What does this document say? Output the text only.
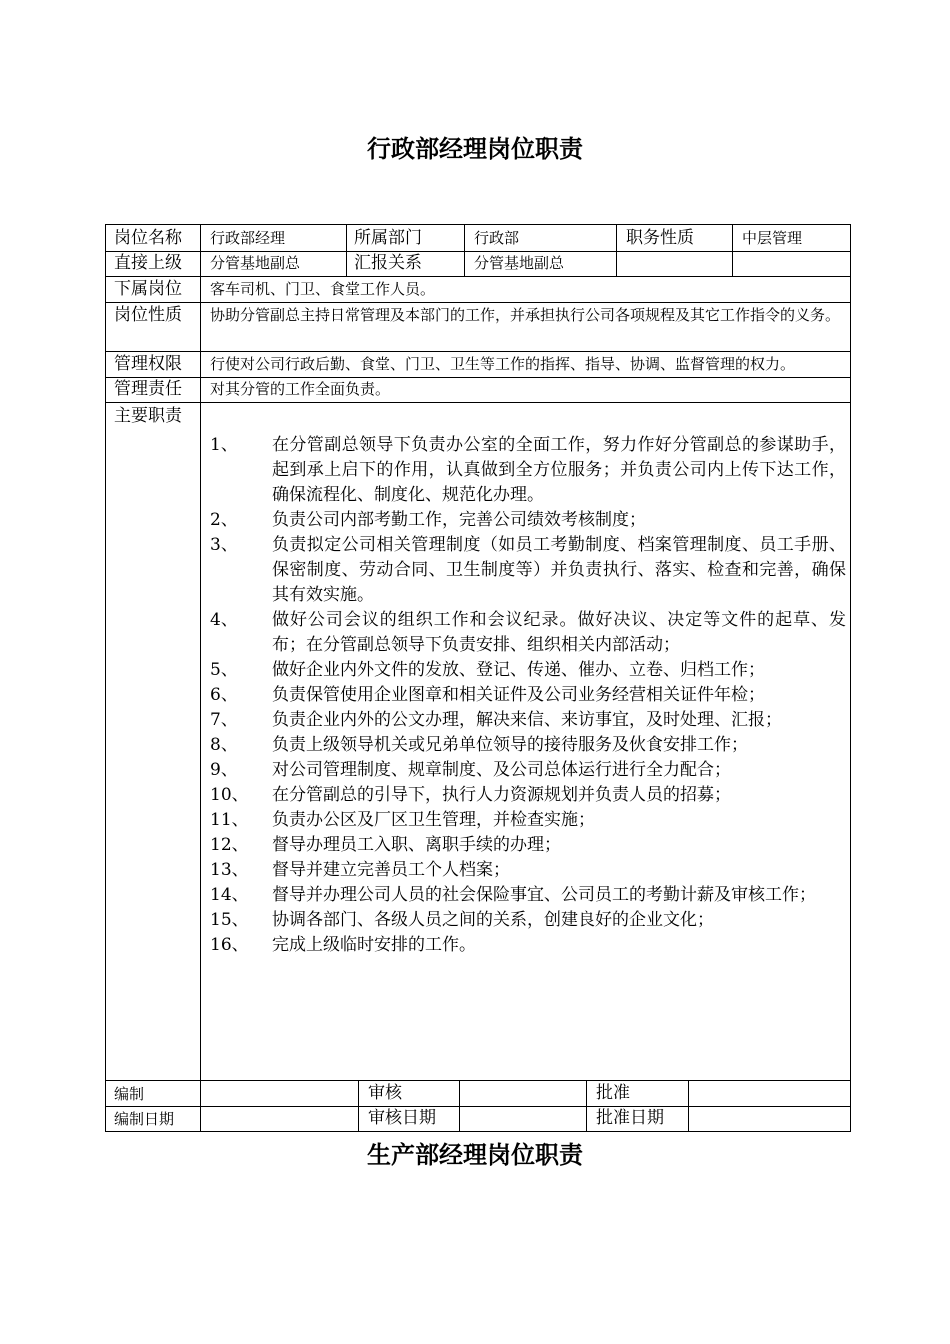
行政部经理岗位职责
岗位名称 行政部经理	所属部门	行政部	职务性质	中层管理
直接上级 分管基地副总	汇报关系	分管基地副总
下属岗位 客车司机、门卫、食堂工作人员。
岗位性质 协助分管副总主持日常管理及本部门的工作，并承担执行公司各项规程及其它工作指令的义务。
管理权限 行使对公司行政后勤、食堂、门卫、卫生等工作的指挥、指导、协调、监督管理的权力。
管理责任 对其分管的工作全面负责。
主要职责
1、	在分管副总领导下负责办公室的全面工作，努力作好分管副总的参谋助手，起到承上启下的作用，认真做到全方位服务；并负责公司内上传下达工作，确保流程化、制度化、规范化办理。
2、	负责公司内部考勤工作，完善公司绩效考核制度；
3、	负责拟定公司相关管理制度（如员工考勤制度、档案管理制度、员工手册、保密制度、劳动合同、卫生制度等）并负责执行、落实、检查和完善，确保其有效实施。
4、	做好公司会议的组织工作和会议纪录。做好决议、决定等文件的起草、发布；在分管副总领导下负责安排、组织相关内部活动；
5、	做好企业内外文件的发放、登记、传递、催办、立卷、归档工作；
6、	负责保管使用企业图章和相关证件及公司业务经营相关证件年检；
7、	负责企业内外的公文办理，解决来信、来访事宜，及时处理、汇报；
8、	负责上级领导机关或兄弟单位领导的接待服务及伙食安排工作；
9、	对公司管理制度、规章制度、及公司总体运行进行全力配合；
10、	在分管副总的引导下，执行人力资源规划并负责人员的招募；
11、	负责办公区及厂区卫生管理，并检查实施；
12、	督导办理员工入职、离职手续的办理；
13、	督导并建立完善员工个人档案；
14、	督导并办理公司人员的社会保险事宜、公司员工的考勤计薪及审核工作；
15、	协调各部门、各级人员之间的关系，创建良好的企业文化；
16、	完成上级临时安排的工作。
编制	审核	批准
编制日期	审核日期	批准日期
生产部经理岗位职责
